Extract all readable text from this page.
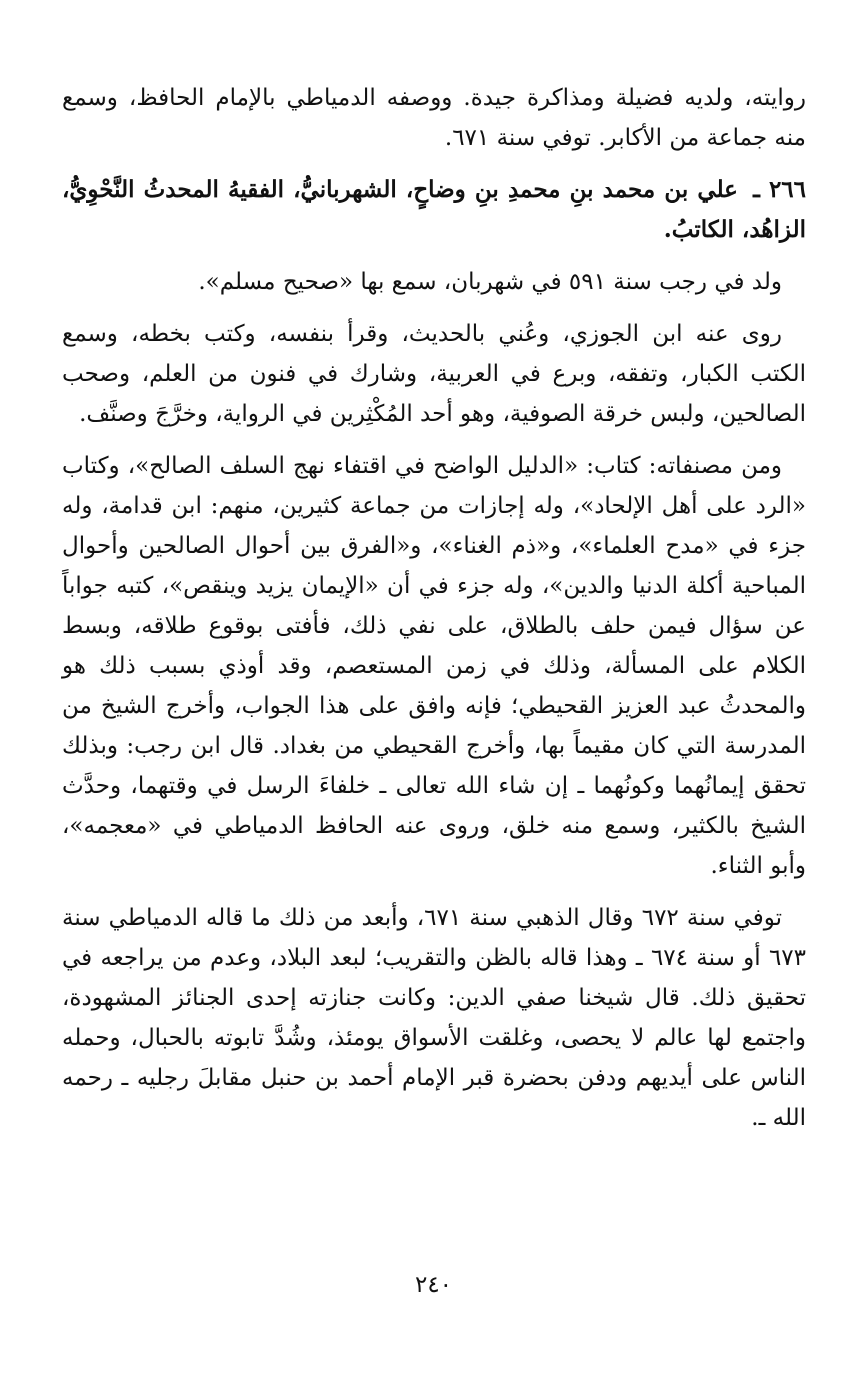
روايته، ولديه فضيلة ومذاكرة جيدة. ووصفه الدمياطي بالإمام الحافظ، وسمع منه جماعة من الأكابر. توفي سنة ٦٧١.

٢٦٦ ـ علي بن محمد بنِ محمدِ بنِ وضاحٍ، الشهربانيُّ، الفقيهُ المحدثُ النَّحْوِيُّ، الزاهُد، الكاتبُ.

ولد في رجب سنة ٥٩١ في شهربان، سمع بها «صحيح مسلم».

روى عنه ابن الجوزي، وعُني بالحديث، وقرأ بنفسه، وكتب بخطه، وسمع الكتب الكبار، وتفقه، وبرع في العربية، وشارك في فنون من العلم، وصحب الصالحين، ولبس خرقة الصوفية، وهو أحد المُكْثِرين في الرواية، وخرَّجَ وصنَّف.

ومن مصنفاته: كتاب: «الدليل الواضح في اقتفاء نهج السلف الصالح»، وكتاب «الرد على أهل الإلحاد»، وله إجازات من جماعة كثيرين، منهم: ابن قدامة، وله جزء في «مدح العلماء»، و«ذم الغناء»، و«الفرق بين أحوال الصالحين وأحوال المباحية أكلة الدنيا والدين»، وله جزء في أن «الإيمان يزيد وينقص»، كتبه جواباً عن سؤال فيمن حلف بالطلاق، على نفي ذلك، فأفتى بوقوع طلاقه، وبسط الكلام على المسألة، وذلك في زمن المستعصم، وقد أوذي بسبب ذلك هو والمحدثُ عبد العزيز القحيطي؛ فإنه وافق على هذا الجواب، وأخرج الشيخ من المدرسة التي كان مقيماً بها، وأخرج القحيطي من بغداد. قال ابن رجب: وبذلك تحقق إيمانُهما وكونُهما ـ إن شاء الله تعالى ـ خلفاءَ الرسل في وقتهما، وحدَّث الشيخ بالكثير، وسمع منه خلق، وروى عنه الحافظ الدمياطي في «معجمه»، وأبو الثناء.

توفي سنة ٦٧٢ وقال الذهبي سنة ٦٧١، وأبعد من ذلك ما قاله الدمياطي سنة ٦٧٣ أو سنة ٦٧٤ ـ وهذا قاله بالظن والتقريب؛ لبعد البلاد، وعدم من يراجعه في تحقيق ذلك. قال شيخنا صفي الدين: وكانت جنازته إحدى الجنائز المشهودة، واجتمع لها عالم لا يحصى، وغلقت الأسواق يومئذ، وشُدَّ تابوته بالحبال، وحمله الناس على أيديهم ودفن بحضرة قبر الإمام أحمد بن حنبل مقابلَ رجليه ـ رحمه الله ـ.

٢٤٠
